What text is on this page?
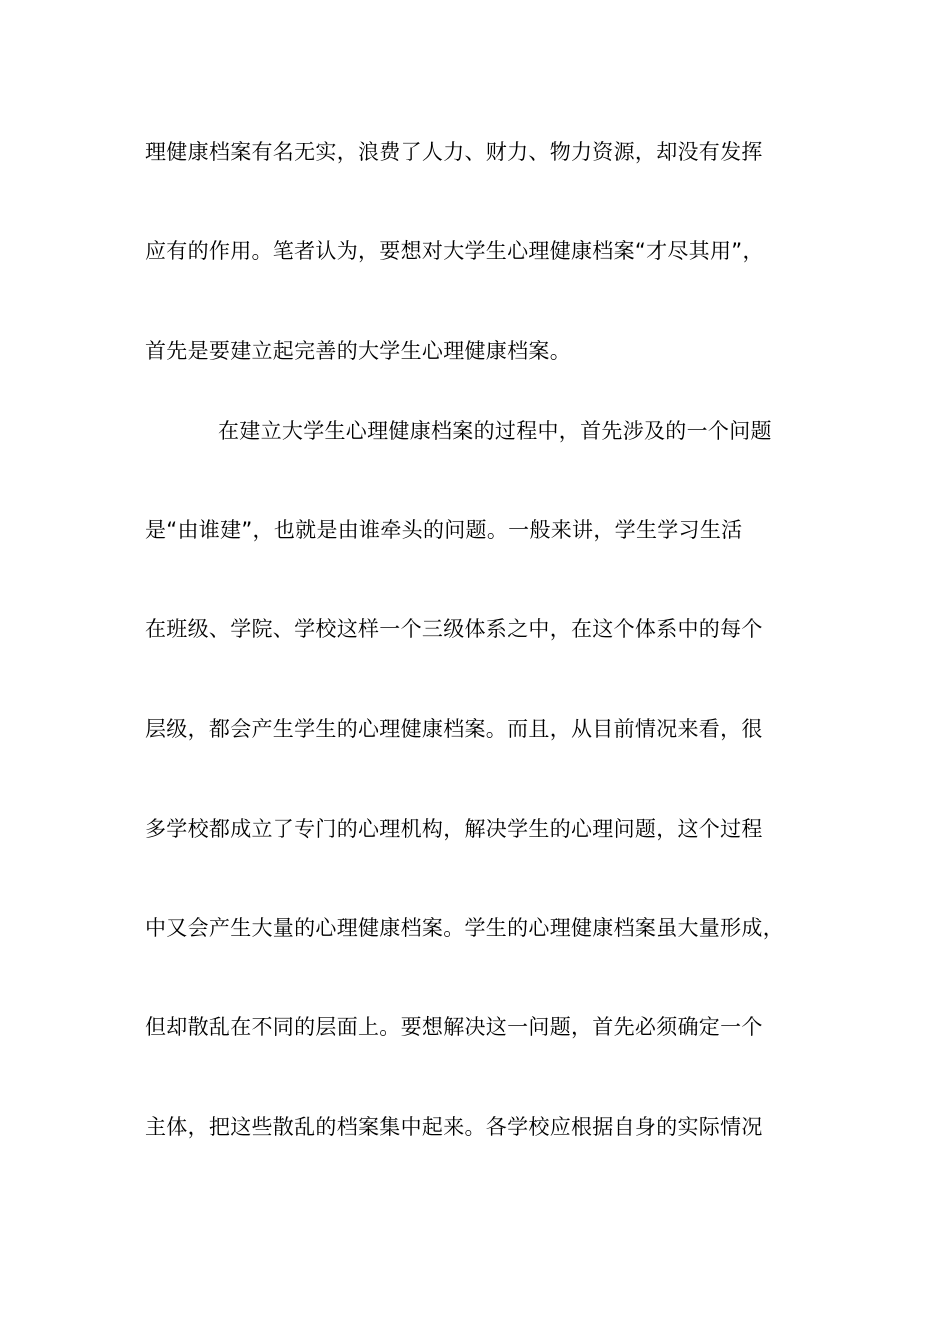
理健康档案有名无实，浪费了人力、财力、物力资源，却没有发挥
应有的作用。笔者认为，要想对大学生心理健康档案“才尽其用”，
首先是要建立起完善的大学生心理健康档案。
在建立大学生心理健康档案的过程中，首先涉及的一个问题
是“由谁建”，也就是由谁牵头的问题。一般来讲，学生学习生活
在班级、学院、学校这样一个三级体系之中，在这个体系中的每个
层级，都会产生学生的心理健康档案。而且，从目前情况来看，很
多学校都成立了专门的心理机构，解决学生的心理问题，这个过程
中又会产生大量的心理健康档案。学生的心理健康档案虽大量形成，
但却散乱在不同的层面上。要想解决这一问题，首先必须确定一个
主体，把这些散乱的档案集中起来。各学校应根据自身的实际情况
